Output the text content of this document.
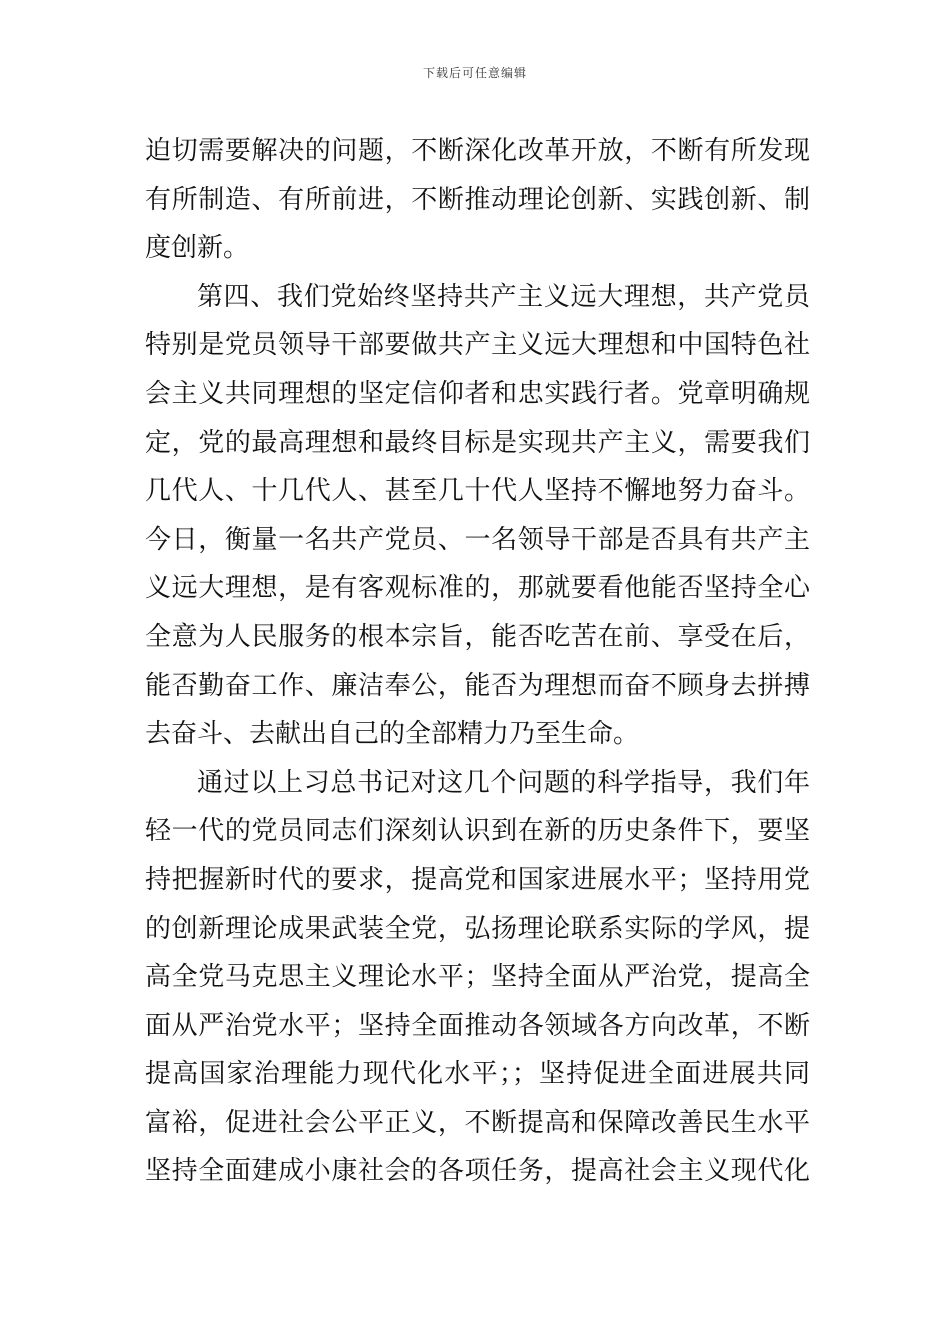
下载后可任意编辑
迫切需要解决的问题，不断深化改革开放，不断有所发现
有所制造、有所前进，不断推动理论创新、实践创新、制
度创新。
第四、我们党始终坚持共产主义远大理想，共产党员
特别是党员领导干部要做共产主义远大理想和中国特色社
会主义共同理想的坚定信仰者和忠实践行者。党章明确规
定，党的最高理想和最终目标是实现共产主义，需要我们
几代人、十几代人、甚至几十代人坚持不懈地努力奋斗。
今日，衡量一名共产党员、一名领导干部是否具有共产主
义远大理想，是有客观标准的，那就要看他能否坚持全心
全意为人民服务的根本宗旨，能否吃苦在前、享受在后，
能否勤奋工作、廉洁奉公，能否为理想而奋不顾身去拼搏
去奋斗、去献出自己的全部精力乃至生命。
通过以上习总书记对这几个问题的科学指导，我们年
轻一代的党员同志们深刻认识到在新的历史条件下，要坚
持把握新时代的要求，提高党和国家进展水平；坚持用党
的创新理论成果武装全党，弘扬理论联系实际的学风，提
高全党马克思主义理论水平；坚持全面从严治党，提高全
面从严治党水平；坚持全面推动各领域各方向改革，不断
提高国家治理能力现代化水平；；坚持促进全面进展共同
富裕，促进社会公平正义，不断提高和保障改善民生水平
坚持全面建成小康社会的各项任务，提高社会主义现代化
